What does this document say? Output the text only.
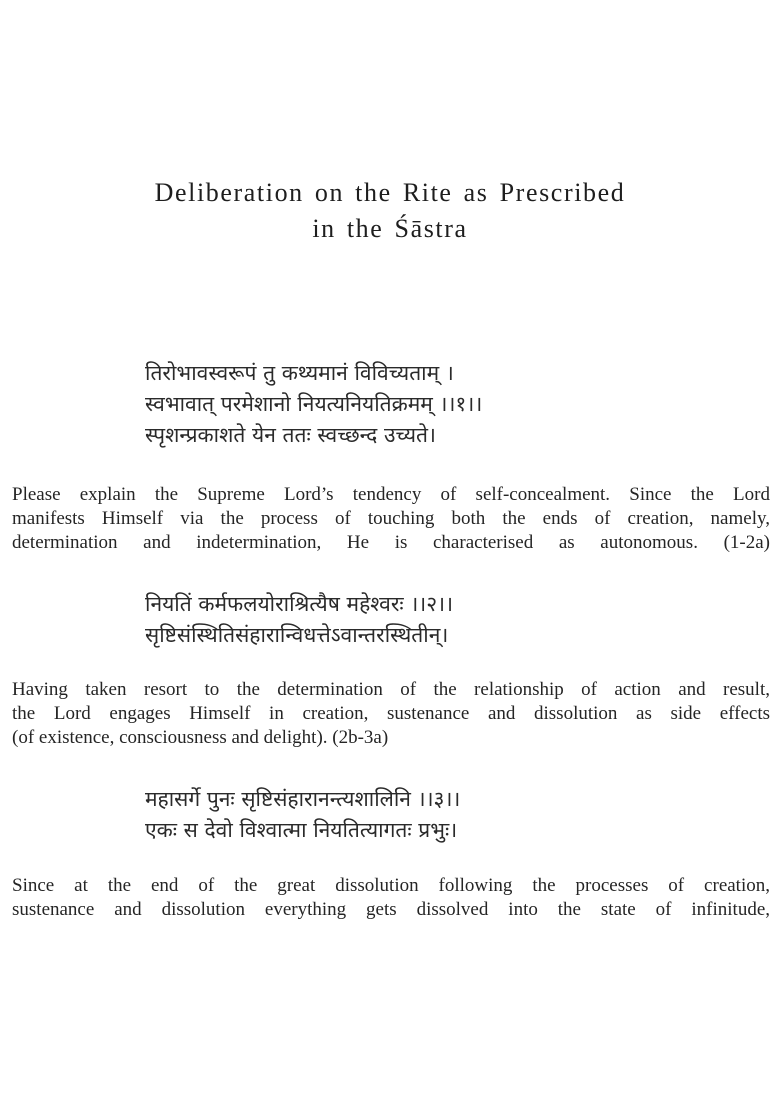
Deliberation on the Rite as Prescribed
in the Śāstra
तिरोभावस्वरूपं तु कथ्यमानं विविच्यताम् ।
स्वभावात् परमेशानो नियत्यनियतिक्रमम् ।।१।।
स्पृशन्प्रकाशते येन ततः स्वच्छन्द उच्यते।
Please explain the Supreme Lord’s tendency of self-concealment. Since the Lord
manifests Himself via the process of touching both the ends of creation, namely,
determination and indetermination, He is characterised as autonomous. (1-2a)
नियतिं कर्मफलयोराश्रित्यैष महेश्वरः ।।२।।
सृष्टिसंस्थितिसंहारान्विधत्तेऽवान्तरस्थितीन्।
Having taken resort to the determination of the relationship of action and result,
the Lord engages Himself in creation, sustenance and dissolution as side effects
(of existence, consciousness and delight). (2b-3a)
महासर्गे पुनः सृष्टिसंहारानन्त्यशालिनि ।।३।।
एकः स देवो विश्वात्मा नियतित्यागतः प्रभुः।
Since at the end of the great dissolution following the processes of creation,
sustenance and dissolution everything gets dissolved into the state of infinitude,
